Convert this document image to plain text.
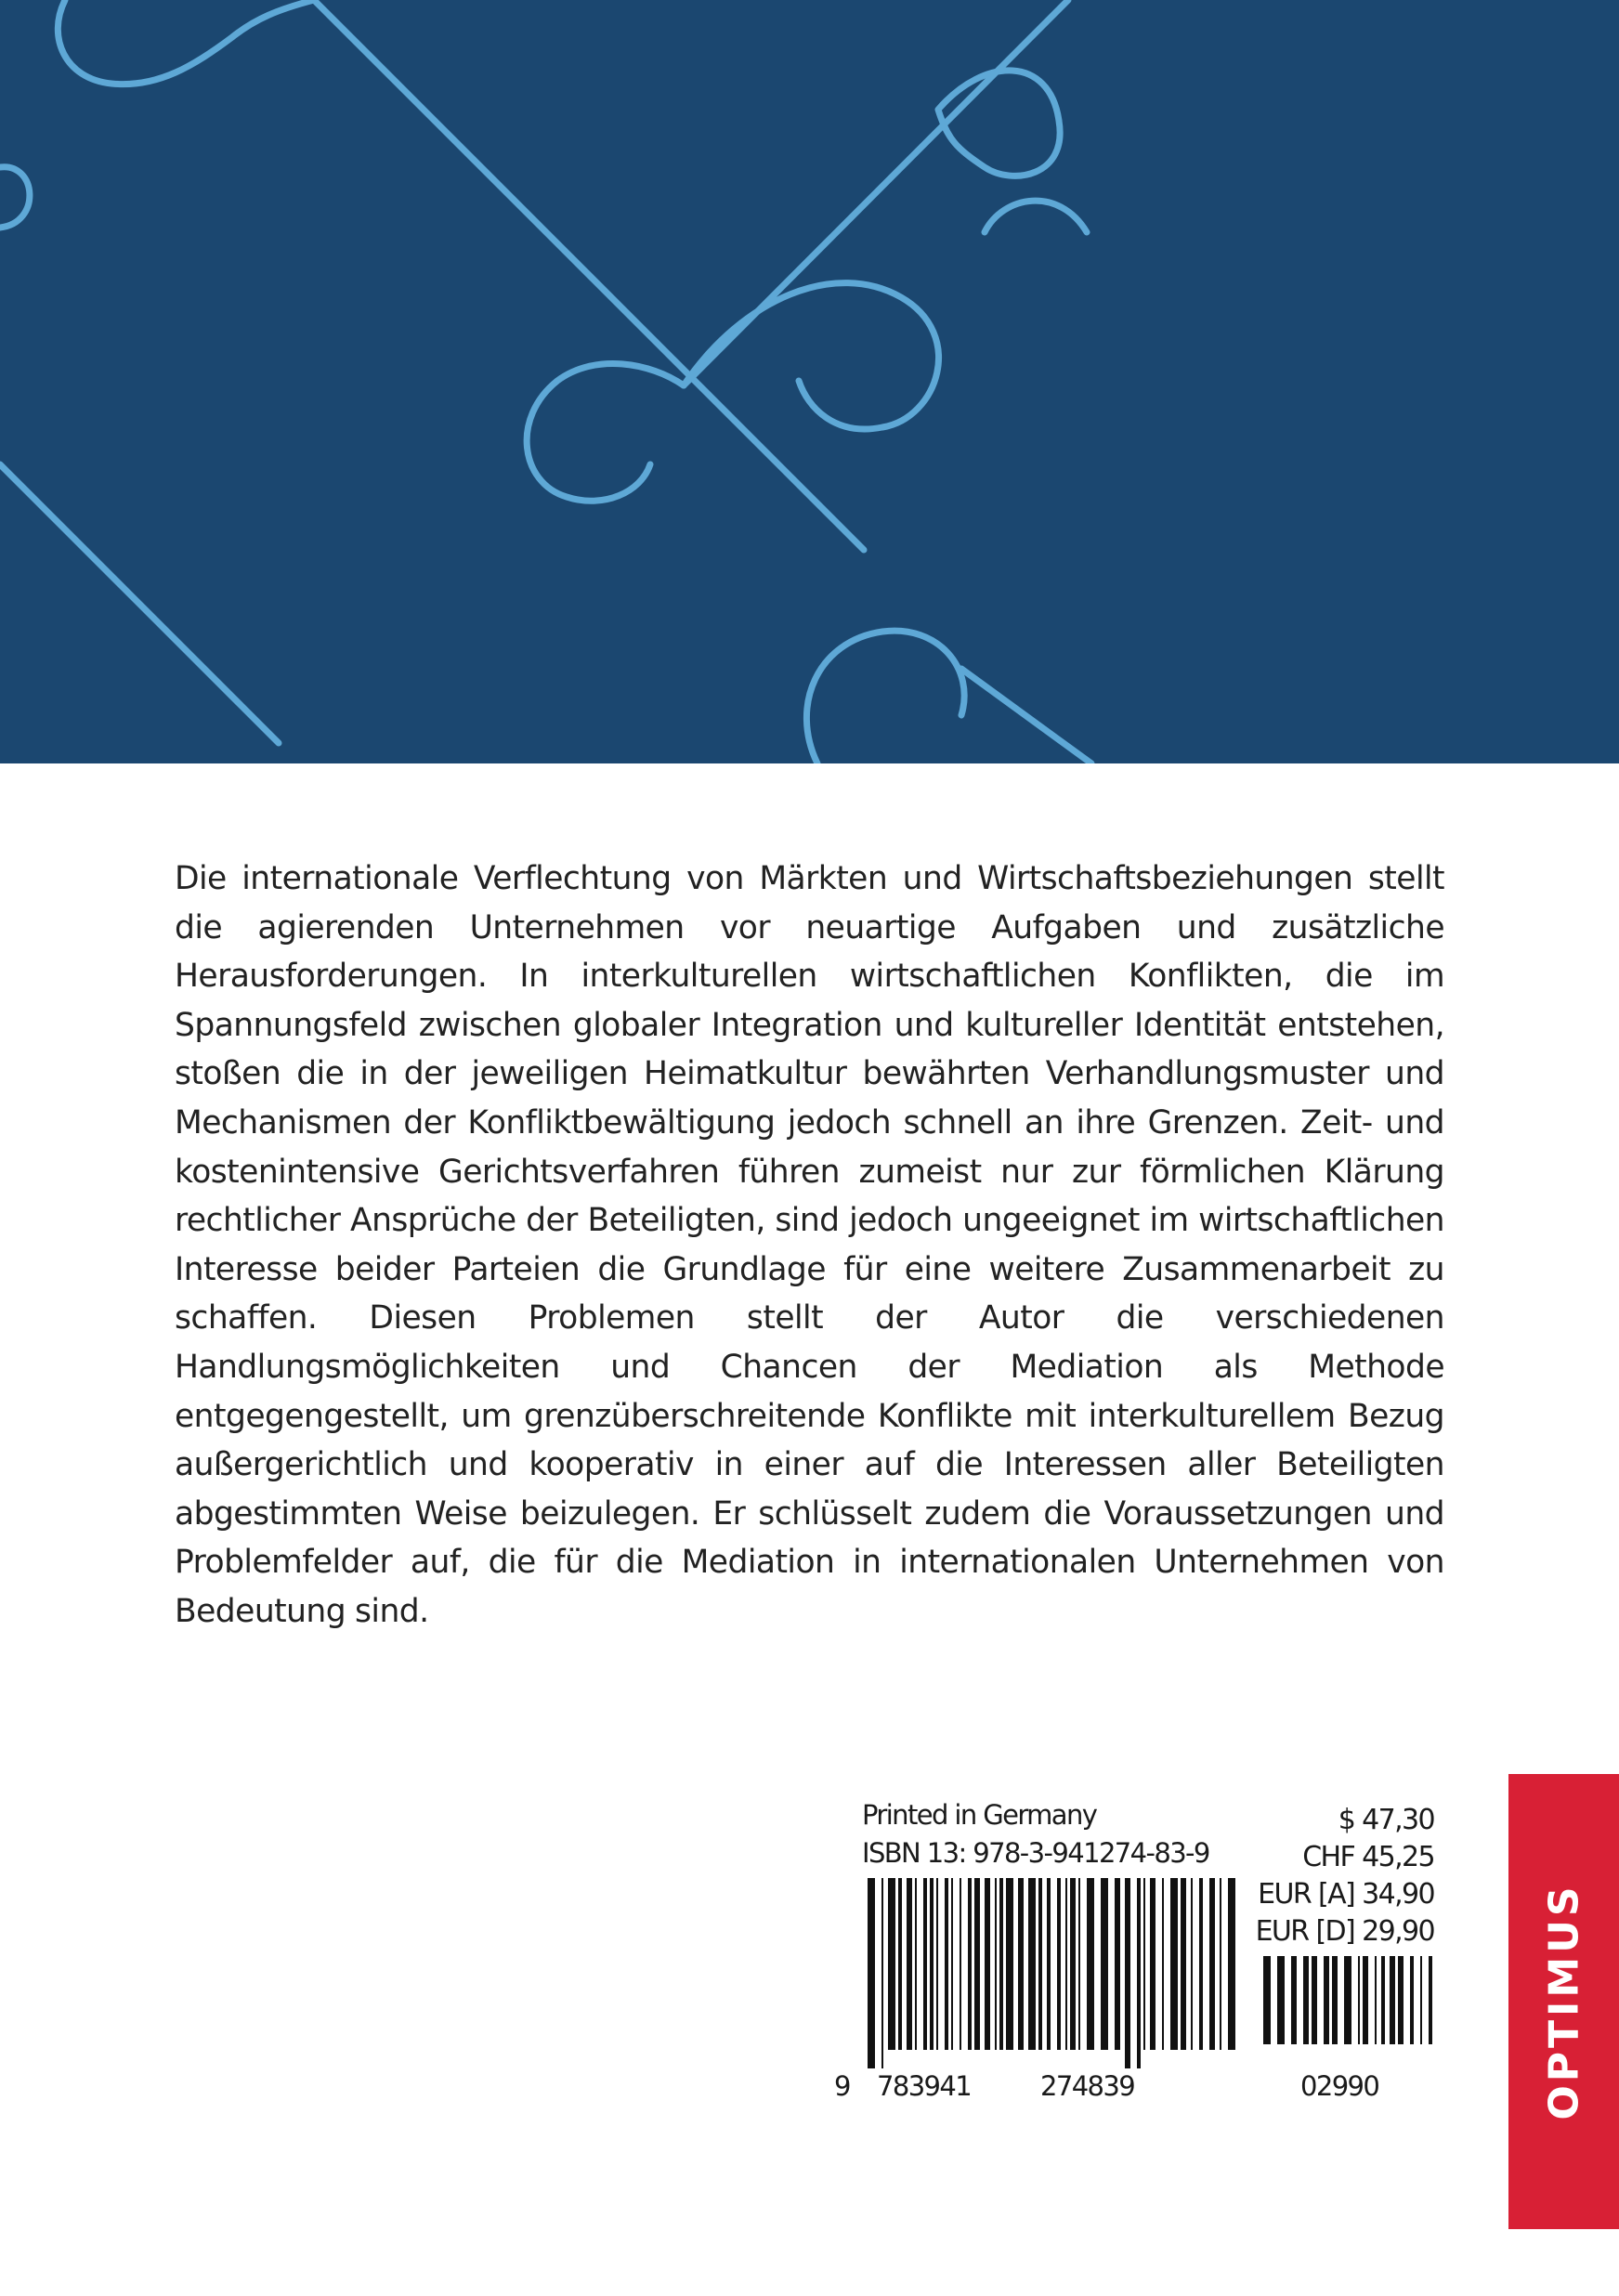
Die internationale Verflechtung von Märkten und Wirtschaftsbeziehungen stellt die agierenden Unternehmen vor neuartige Aufgaben und zusätzliche Herausforderungen. In interkulturellen wirtschaftlichen Konflikten, die im Spannungsfeld zwischen globaler Integration und kultureller Identität entstehen, stoßen die in der jeweiligen Heimatkultur bewährten Verhandlungsmuster und Mechanismen der Konfliktbewältigung jedoch schnell an ihre Grenzen. Zeit- und kostenintensive Gerichtsverfahren führen zumeist nur zur förmlichen Klärung rechtlicher Ansprüche der Beteiligten, sind jedoch ungeeignet im wirtschaftlichen Interesse beider Parteien die Grundlage für eine weitere Zusammenarbeit zu schaffen. Diesen Problemen stellt der Autor die verschiedenen Handlungsmöglichkeiten und Chancen der Mediation als Methode entgegengestellt, um grenzüberschreitende Konflikte mit interkulturellem Bezug außergerichtlich und kooperativ in einer auf die Interessen aller Beteiligten abgestimmten Weise beizulegen. Er schlüsselt zudem die Voraussetzungen und Problemfelder auf, die für die Mediation in internationalen Unternehmen von Bedeutung sind.

Printed in Germany
ISBN 13: 978-3-941274-83-9
9 783941	274839
$ 47,30
CHF 45,25
EUR [A] 34,90
EUR [D] 29,90
02990	OPTIMUS
